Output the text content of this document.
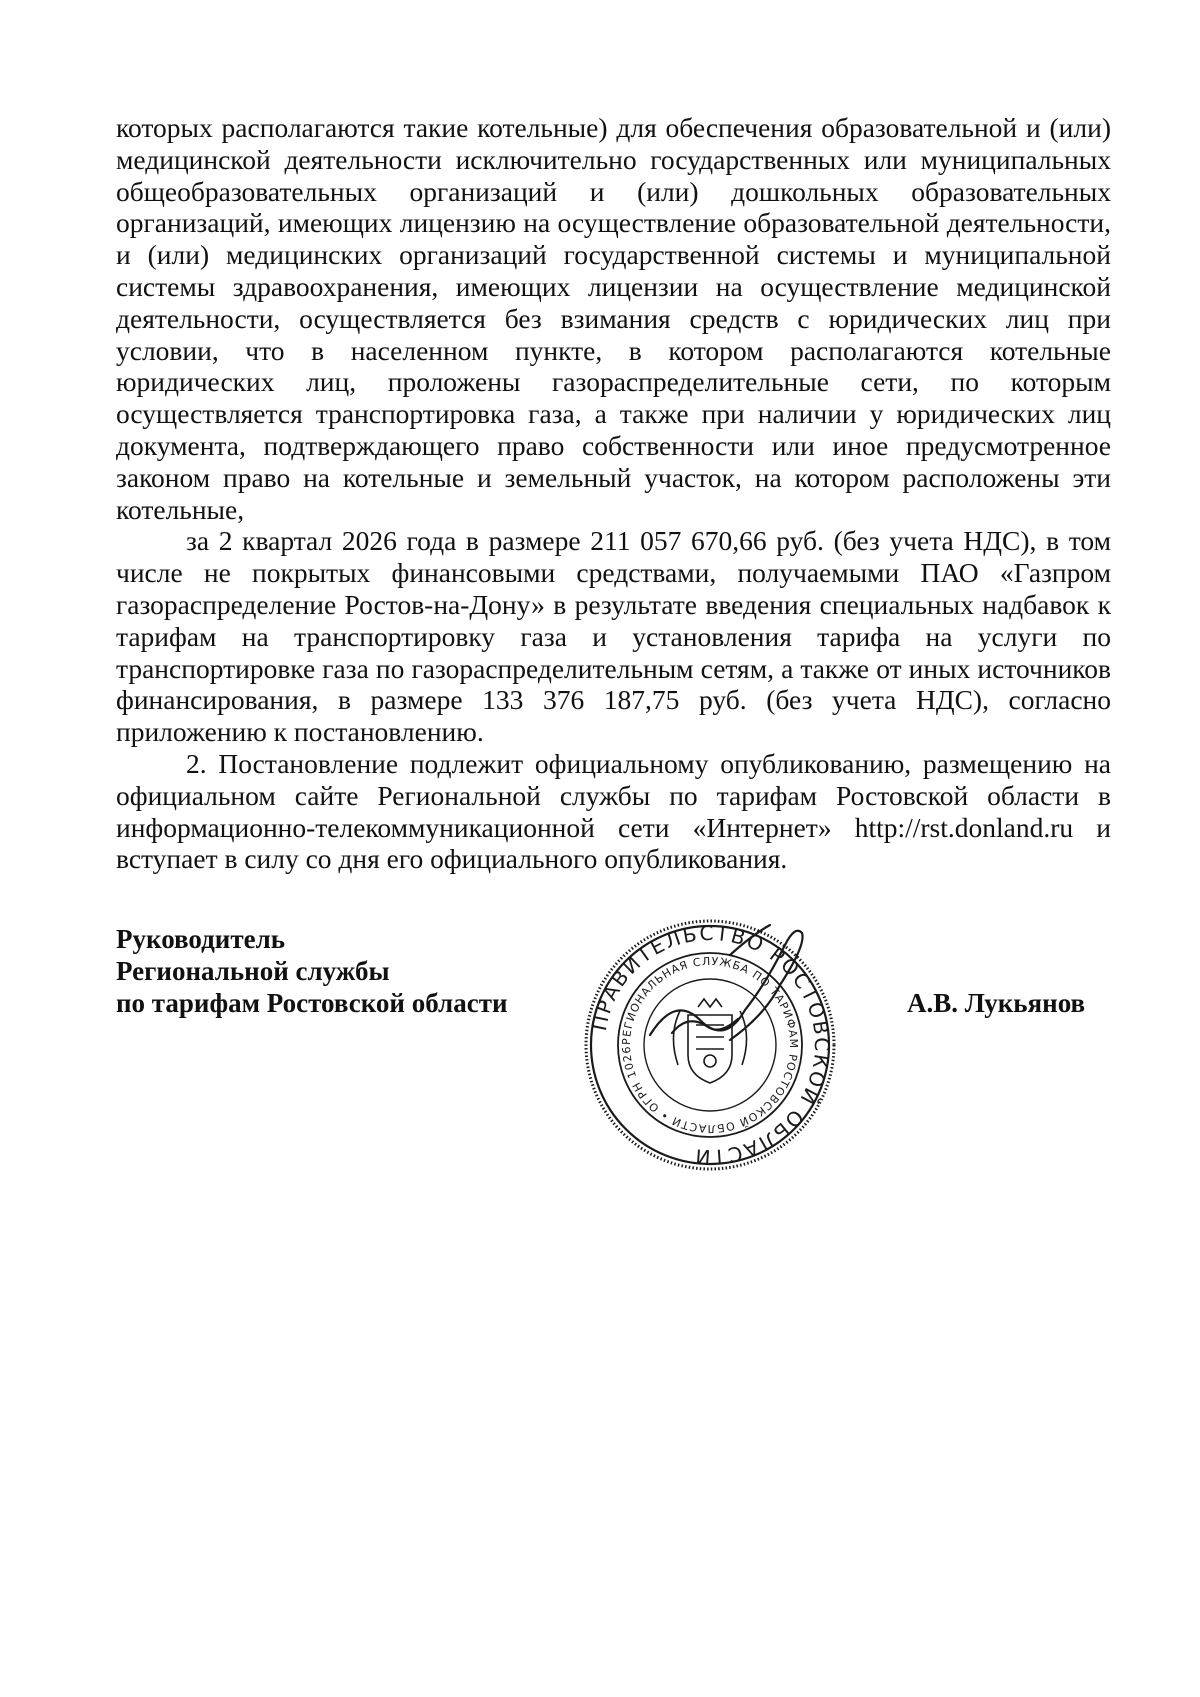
которых располагаются такие котельные) для обеспечения образовательной и (или) медицинской деятельности исключительно государственных или муниципальных общеобразовательных организаций и (или) дошкольных образовательных организаций, имеющих лицензию на осуществление образовательной деятельности, и (или) медицинских организаций государственной системы и муниципальной системы здравоохранения, имеющих лицензии на осуществление медицинской деятельности, осуществляется без взимания средств с юридических лиц при условии, что в населенном пункте, в котором располагаются котельные юридических лиц, проложены газораспределительные сети, по которым осуществляется транспортировка газа, а также при наличии у юридических лиц документа, подтверждающего право собственности или иное предусмотренное законом право на котельные и земельный участок, на котором расположены эти котельные,

за 2 квартал 2026 года в размере 211 057 670,66 руб. (без учета НДС), в том числе не покрытых финансовыми средствами, получаемыми ПАО «Газпром газораспределение Ростов-на-Дону» в результате введения специальных надбавок к тарифам на транспортировку газа и установления тарифа на услуги по транспортировке газа по газораспределительным сетям, а также от иных источников финансирования, в размере 133 376 187,75 руб. (без учета НДС), согласно приложению к постановлению.

2. Постановление подлежит официальному опубликованию, размещению на официальном сайте Региональной службы по тарифам Ростовской области в информационно-телекоммуникационной сети «Интернет» http://rst.donland.ru и вступает в силу со дня его официального опубликования.

Руководитель
Региональной службы
по тарифам Ростовской области
ПРАВИТЕЛЬСТВО РОСТОВСКОЙ ОБЛАСТИ
РЕГИОНАЛЬНАЯ СЛУЖБА ПО ТАРИФАМ РОСТОВСКОЙ ОБЛАСТИ • ОГРН 1026
А.В. Лукьянов
